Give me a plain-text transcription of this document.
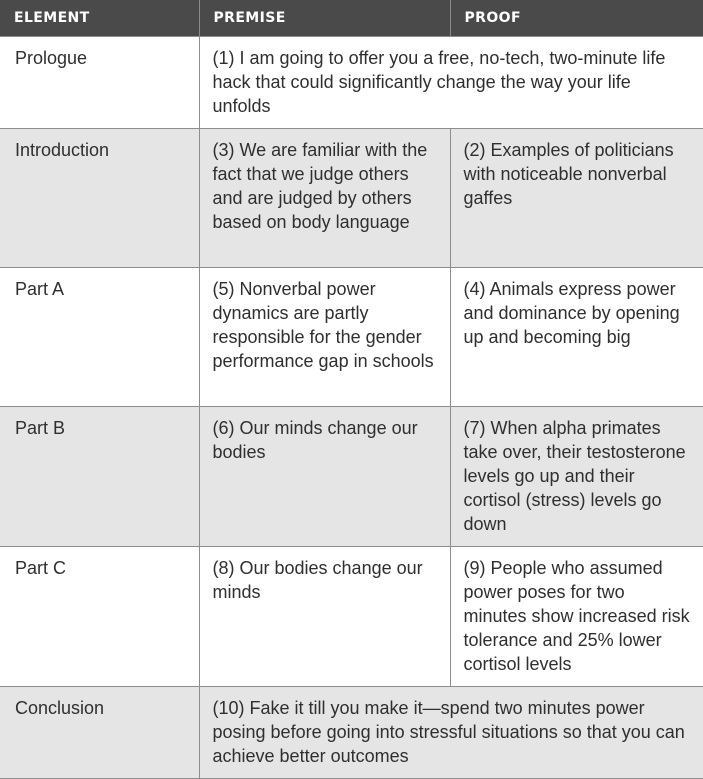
ELEMENT	PREMISE	PROOF
Prologue	(1) I am going to offer you a free, no-tech, two-minute life hack that could significantly change the way your life unfolds	
Introduction	(3) We are familiar with the fact that we judge others and are judged by others based on body language	(2) Examples of politicians with noticeable nonverbal gaffes
Part A	(5) Nonverbal power dynamics are partly responsible for the gender performance gap in schools	(4) Animals express power and dominance by opening up and becoming big
Part B	(6) Our minds change our bodies	(7) When alpha primates take over, their testosterone levels go up and their cortisol (stress) levels go down
Part C	(8) Our bodies change our minds	(9) People who assumed power poses for two minutes show increased risk tolerance and 25% lower cortisol levels
Conclusion	(10) Fake it till you make it—spend two minutes power posing before going into stressful situations so that you can achieve better outcomes	
